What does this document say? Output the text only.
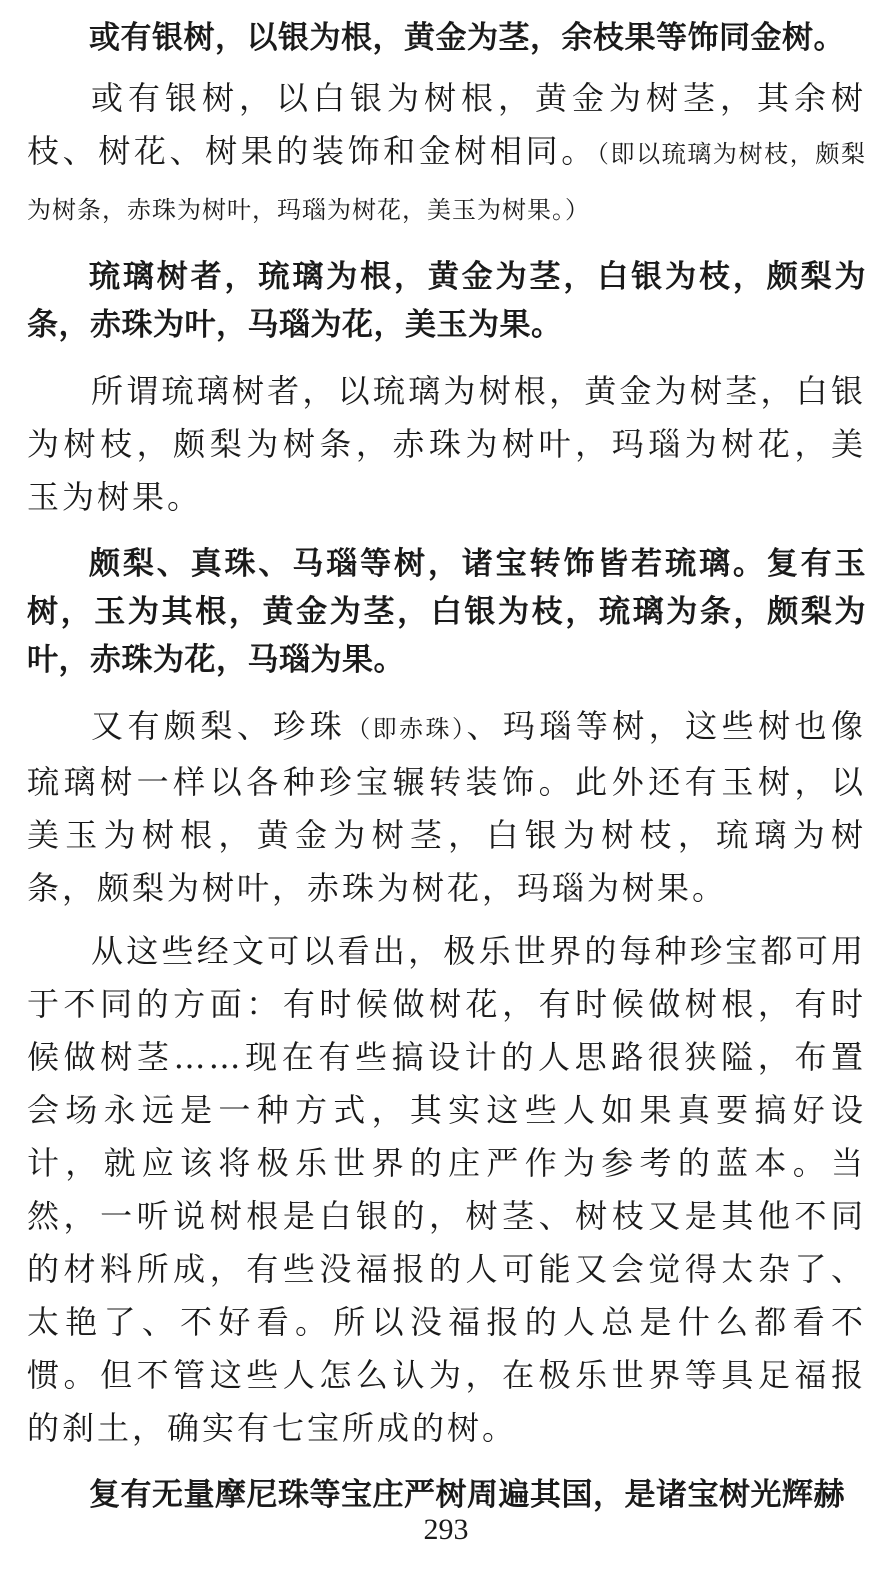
或有银树，以银为根，黄金为茎，余枝果等饰同金树。

或有银树，以白银为树根，黄金为树茎，其余树枝、树花、树果的装饰和金树相同。（即以琉璃为树枝，颇梨为树条，赤珠为树叶，玛瑙为树花，美玉为树果。）

琉璃树者，琉璃为根，黄金为茎，白银为枝，颇梨为条，赤珠为叶，马瑙为花，美玉为果。

所谓琉璃树者，以琉璃为树根，黄金为树茎，白银为树枝，颇梨为树条，赤珠为树叶，玛瑙为树花，美玉为树果。

颇梨、真珠、马瑙等树，诸宝转饰皆若琉璃。复有玉树，玉为其根，黄金为茎，白银为枝，琉璃为条，颇梨为叶，赤珠为花，马瑙为果。

又有颇梨、珍珠（即赤珠）、玛瑙等树，这些树也像琉璃树一样以各种珍宝辗转装饰。此外还有玉树，以美玉为树根，黄金为树茎，白银为树枝，琉璃为树条，颇梨为树叶，赤珠为树花，玛瑙为树果。

从这些经文可以看出，极乐世界的每种珍宝都可用于不同的方面：有时候做树花，有时候做树根，有时候做树茎……现在有些搞设计的人思路很狭隘，布置会场永远是一种方式，其实这些人如果真要搞好设计，就应该将极乐世界的庄严作为参考的蓝本。当然，一听说树根是白银的，树茎、树枝又是其他不同的材料所成，有些没福报的人可能又会觉得太杂了、太艳了、不好看。所以没福报的人总是什么都看不惯。但不管这些人怎么认为，在极乐世界等具足福报的刹土，确实有七宝所成的树。

复有无量摩尼珠等宝庄严树周遍其国，是诸宝树光辉赫

293
